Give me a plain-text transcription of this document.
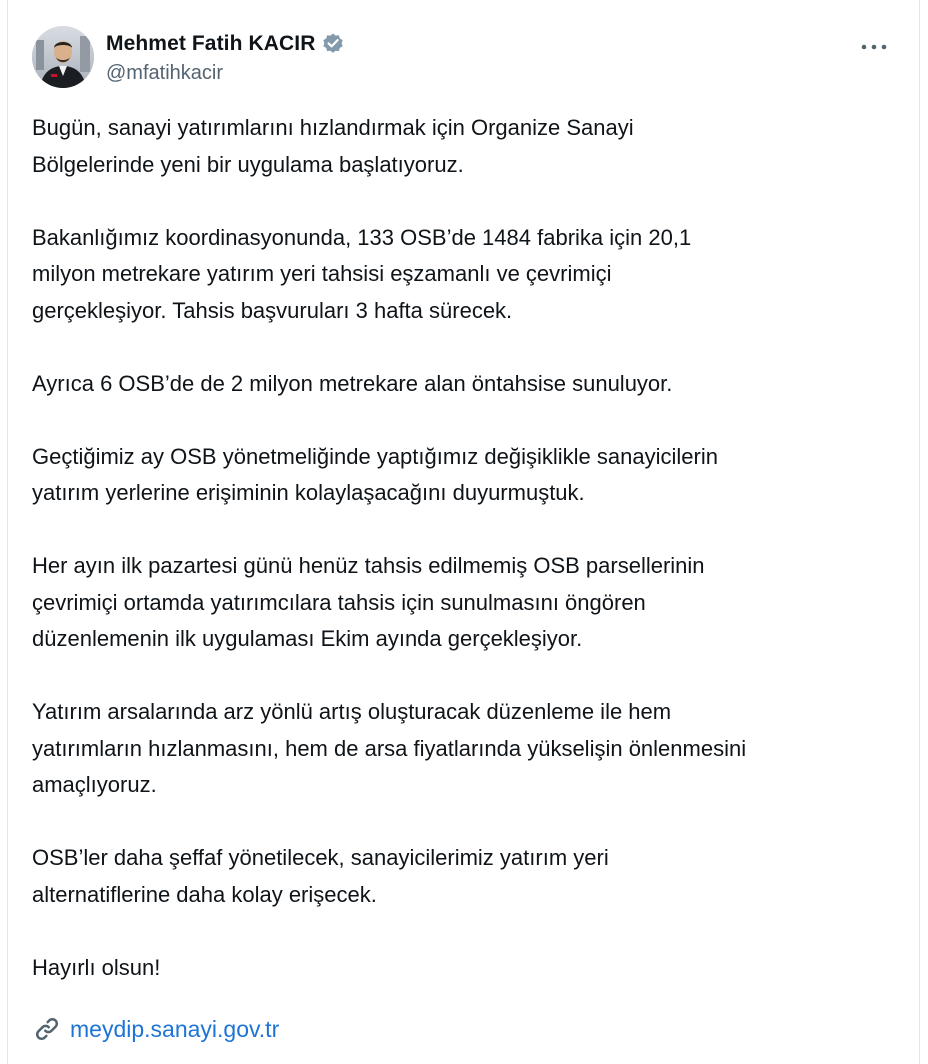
Mehmet Fatih KACIR
@mfatihkacir

Bugün, sanayi yatırımlarını hızlandırmak için Organize Sanayi
Bölgelerinde yeni bir uygulama başlatıyoruz.

Bakanlığımız koordinasyonunda, 133 OSB’de 1484 fabrika için 20,1
milyon metrekare yatırım yeri tahsisi eşzamanlı ve çevrimiçi
gerçekleşiyor. Tahsis başvuruları 3 hafta sürecek.

Ayrıca 6 OSB’de de 2 milyon metrekare alan öntahsise sunuluyor.

Geçtiğimiz ay OSB yönetmeliğinde yaptığımız değişiklikle sanayicilerin
yatırım yerlerine erişiminin kolaylaşacağını duyurmuştuk.

Her ayın ilk pazartesi günü henüz tahsis edilmemiş OSB parsellerinin
çevrimiçi ortamda yatırımcılara tahsis için sunulmasını öngören
düzenlemenin ilk uygulaması Ekim ayında gerçekleşiyor.

Yatırım arsalarında arz yönlü artış oluşturacak düzenleme ile hem
yatırımların hızlanmasını, hem de arsa fiyatlarında yükselişin önlenmesini
amaçlıyoruz.

OSB’ler daha şeffaf yönetilecek, sanayicilerimiz yatırım yeri
alternatiflerine daha kolay erişecek.

Hayırlı olsun!

meydip.sanayi.gov.tr
